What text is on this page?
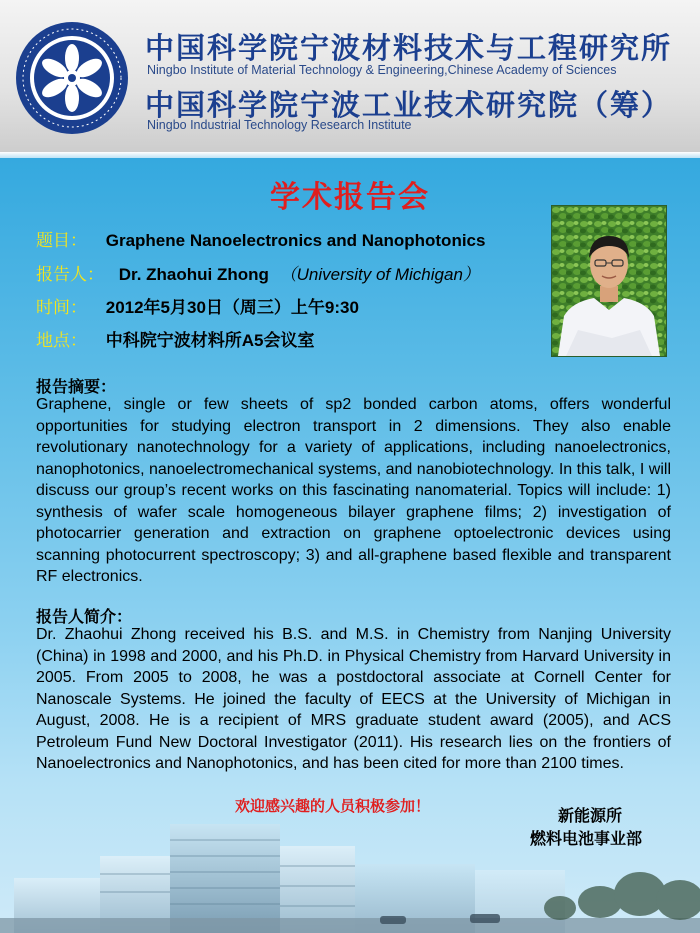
中国科学院宁波材料技术与工程研究所
Ningbo Institute of Material Technology & Engineering,Chinese Academy of Sciences
中国科学院宁波工业技术研究院（筹）
Ningbo Industrial Technology Research Institute
学术报告会
题目： Graphene Nanoelectronics and Nanophotonics
报告人： Dr. Zhaohui Zhong （University of Michigan）
时间： 2012年5月30日（周三）上午9:30
地点： 中科院宁波材料所A5会议室
报告摘要：
Graphene, single or few sheets of sp2 bonded carbon atoms, offers wonderful opportunities for studying electron transport in 2 dimensions. They also enable revolutionary nanotechnology for a variety of applications, including nanoelectronics, nanophotonics, nanoelectromechanical systems, and nanobiotechnology. In this talk, I will discuss our group’s recent works on this fascinating nanomaterial. Topics will include: 1) synthesis of wafer scale homogeneous bilayer graphene films; 2) investigation of photocarrier generation and extraction on graphene optoelectronic devices using scanning photocurrent spectroscopy; 3) and all-graphene based flexible and transparent RF electronics.
报告人简介：
Dr. Zhaohui Zhong received his B.S. and M.S. in Chemistry from Nanjing University (China) in 1998 and 2000, and his Ph.D. in Physical Chemistry from Harvard University in 2005. From 2005 to 2008, he was a postdoctoral associate at Cornell Center for Nanoscale Systems. He joined the faculty of EECS at the University of Michigan in August, 2008. He is a recipient of MRS graduate student award (2005), and ACS Petroleum Fund New Doctoral Investigator (2011). His research lies on the frontiers of Nanoelectronics and Nanophotonics, and has been cited for more than 2100 times.
欢迎感兴趣的人员积极参加！	新能源所
燃料电池事业部
